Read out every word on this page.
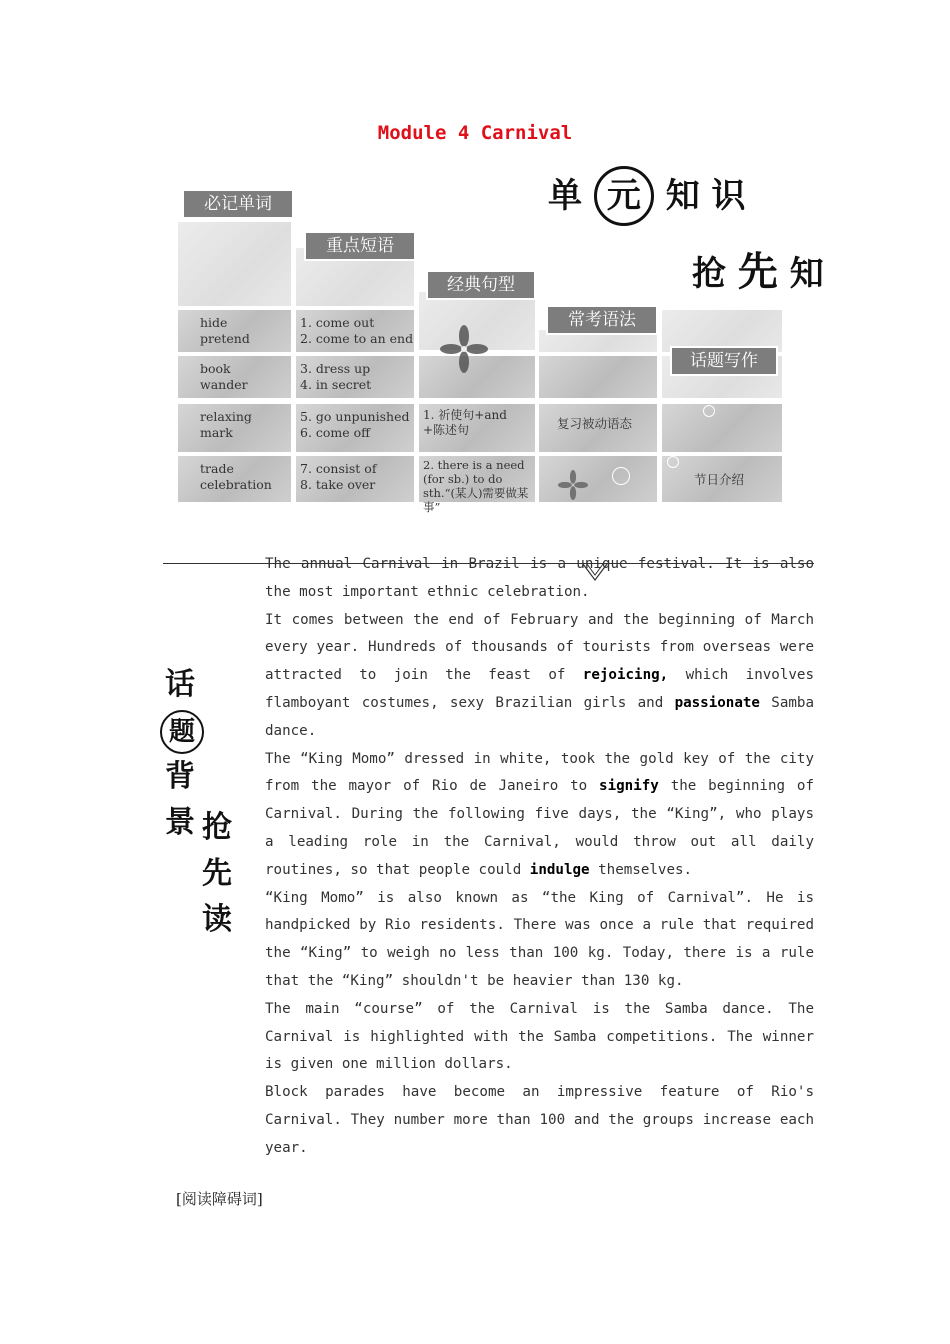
Module 4 Carnival
hide
pretend
book
wander
relaxing
mark
trade
celebration
1. come out
2. come to an end
3. dress up
4. in secret
5. go unpunished
6. come off
7. consist of
8. take over
1. 祈使句+and +陈述句
2. there is a need (for sb.) to do sth.“(某人)需要做某事”
复习被动语态
节日介绍
必记单词
重点短语
经典句型
常考语法
话题写作
单 元 知 识
抢 先 知
话
题
背
景 抢
先
读

The annual Carnival in Brazil is a unique festival. It is also the most important ethnic celebration.

It comes between the end of February and the beginning of March every year. Hundreds of thousands of tourists from overseas were attracted to join the feast of rejoicing, which involves flamboyant costumes, sexy Brazilian girls and passionate Samba dance.

The “King Momo” dressed in white, took the gold key of the city from the mayor of Rio de Janeiro to signify the beginning of Carnival. During the following five days, the “King”, who plays a leading role in the Carnival, would throw out all daily routines, so that people could indulge themselves.

“King Momo” is also known as “the King of Carnival”. He is handpicked by Rio residents. There was once a rule that required the “King” to weigh no less than 100 kg. Today, there is a rule that the “King” shouldn't be heavier than 130 kg.

The main “course” of the Carnival is the Samba dance. The Carnival is highlighted with the Samba competitions. The winner is given one million dollars.

Block parades have become an impressive feature of Rio's Carnival. They number more than 100 and the groups increase each year.

[阅读障碍词]
